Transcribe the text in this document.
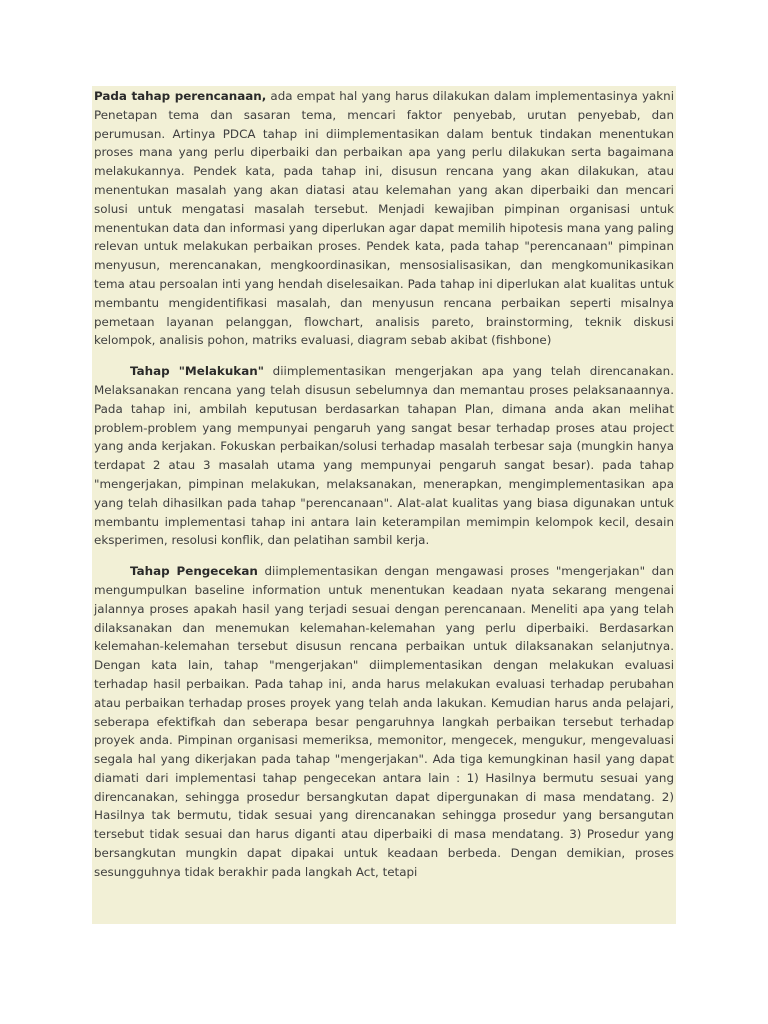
Pada tahap perencanaan, ada empat hal yang harus dilakukan dalam implementasinya yakni Penetapan tema dan sasaran tema, mencari faktor penyebab, urutan penyebab, dan perumusan. Artinya PDCA tahap ini diimplementasikan dalam bentuk tindakan menentukan proses mana yang perlu diperbaiki dan perbaikan apa yang perlu dilakukan serta bagaimana melakukannya. Pendek kata, pada tahap ini, disusun rencana yang akan dilakukan, atau menentukan masalah yang akan diatasi atau kelemahan yang akan diperbaiki dan mencari solusi untuk mengatasi masalah tersebut. Menjadi kewajiban pimpinan organisasi untuk menentukan data dan informasi yang diperlukan agar dapat memilih hipotesis mana yang paling relevan untuk melakukan perbaikan proses. Pendek kata, pada tahap "perencanaan" pimpinan menyusun, merencanakan, mengkoordinasikan, mensosialisasikan, dan mengkomunikasikan tema atau persoalan inti yang hendah diselesaikan. Pada tahap ini diperlukan alat kualitas untuk membantu mengidentifikasi masalah, dan menyusun rencana perbaikan seperti misalnya pemetaan layanan pelanggan, flowchart, analisis pareto, brainstorming, teknik diskusi kelompok, analisis pohon, matriks evaluasi, diagram sebab akibat (fishbone)

Tahap "Melakukan" diimplementasikan mengerjakan apa yang telah direncanakan. Melaksanakan rencana yang telah disusun sebelumnya dan memantau proses pelaksanaannya. Pada tahap ini, ambilah keputusan berdasarkan tahapan Plan, dimana anda akan melihat problem-problem yang mempunyai pengaruh yang sangat besar terhadap proses atau project yang anda kerjakan. Fokuskan perbaikan/solusi terhadap masalah terbesar saja (mungkin hanya terdapat 2 atau 3 masalah utama yang mempunyai pengaruh sangat besar). pada tahap "mengerjakan, pimpinan melakukan, melaksanakan, menerapkan, mengimplementasikan apa yang telah dihasilkan pada tahap "perencanaan". Alat-alat kualitas yang biasa digunakan untuk membantu implementasi tahap ini antara lain keterampilan memimpin kelompok kecil, desain eksperimen, resolusi konflik, dan pelatihan sambil kerja.

Tahap Pengecekan diimplementasikan dengan mengawasi proses "mengerjakan" dan mengumpulkan baseline information untuk menentukan keadaan nyata sekarang mengenai jalannya proses apakah hasil yang terjadi sesuai dengan perencanaan. Meneliti apa yang telah dilaksanakan dan menemukan kelemahan-kelemahan yang perlu diperbaiki. Berdasarkan kelemahan-kelemahan tersebut disusun rencana perbaikan untuk dilaksanakan selanjutnya. Dengan kata lain, tahap "mengerjakan" diimplementasikan dengan melakukan evaluasi terhadap hasil perbaikan. Pada tahap ini, anda harus melakukan evaluasi terhadap perubahan atau perbaikan terhadap proses proyek yang telah anda lakukan. Kemudian harus anda pelajari, seberapa efektifkah dan seberapa besar pengaruhnya langkah perbaikan tersebut terhadap proyek anda. Pimpinan organisasi memeriksa, memonitor, mengecek, mengukur, mengevaluasi segala hal yang dikerjakan pada tahap "mengerjakan". Ada tiga kemungkinan hasil yang dapat diamati dari implementasi tahap pengecekan antara lain : 1) Hasilnya bermutu sesuai yang direncanakan, sehingga prosedur bersangkutan dapat dipergunakan di masa mendatang. 2) Hasilnya tak bermutu, tidak sesuai yang direncanakan sehingga prosedur yang bersangutan tersebut tidak sesuai dan harus diganti atau diperbaiki di masa mendatang. 3) Prosedur yang bersangkutan mungkin dapat dipakai untuk keadaan berbeda. Dengan demikian, proses sesungguhnya tidak berakhir pada langkah Act, tetapi
